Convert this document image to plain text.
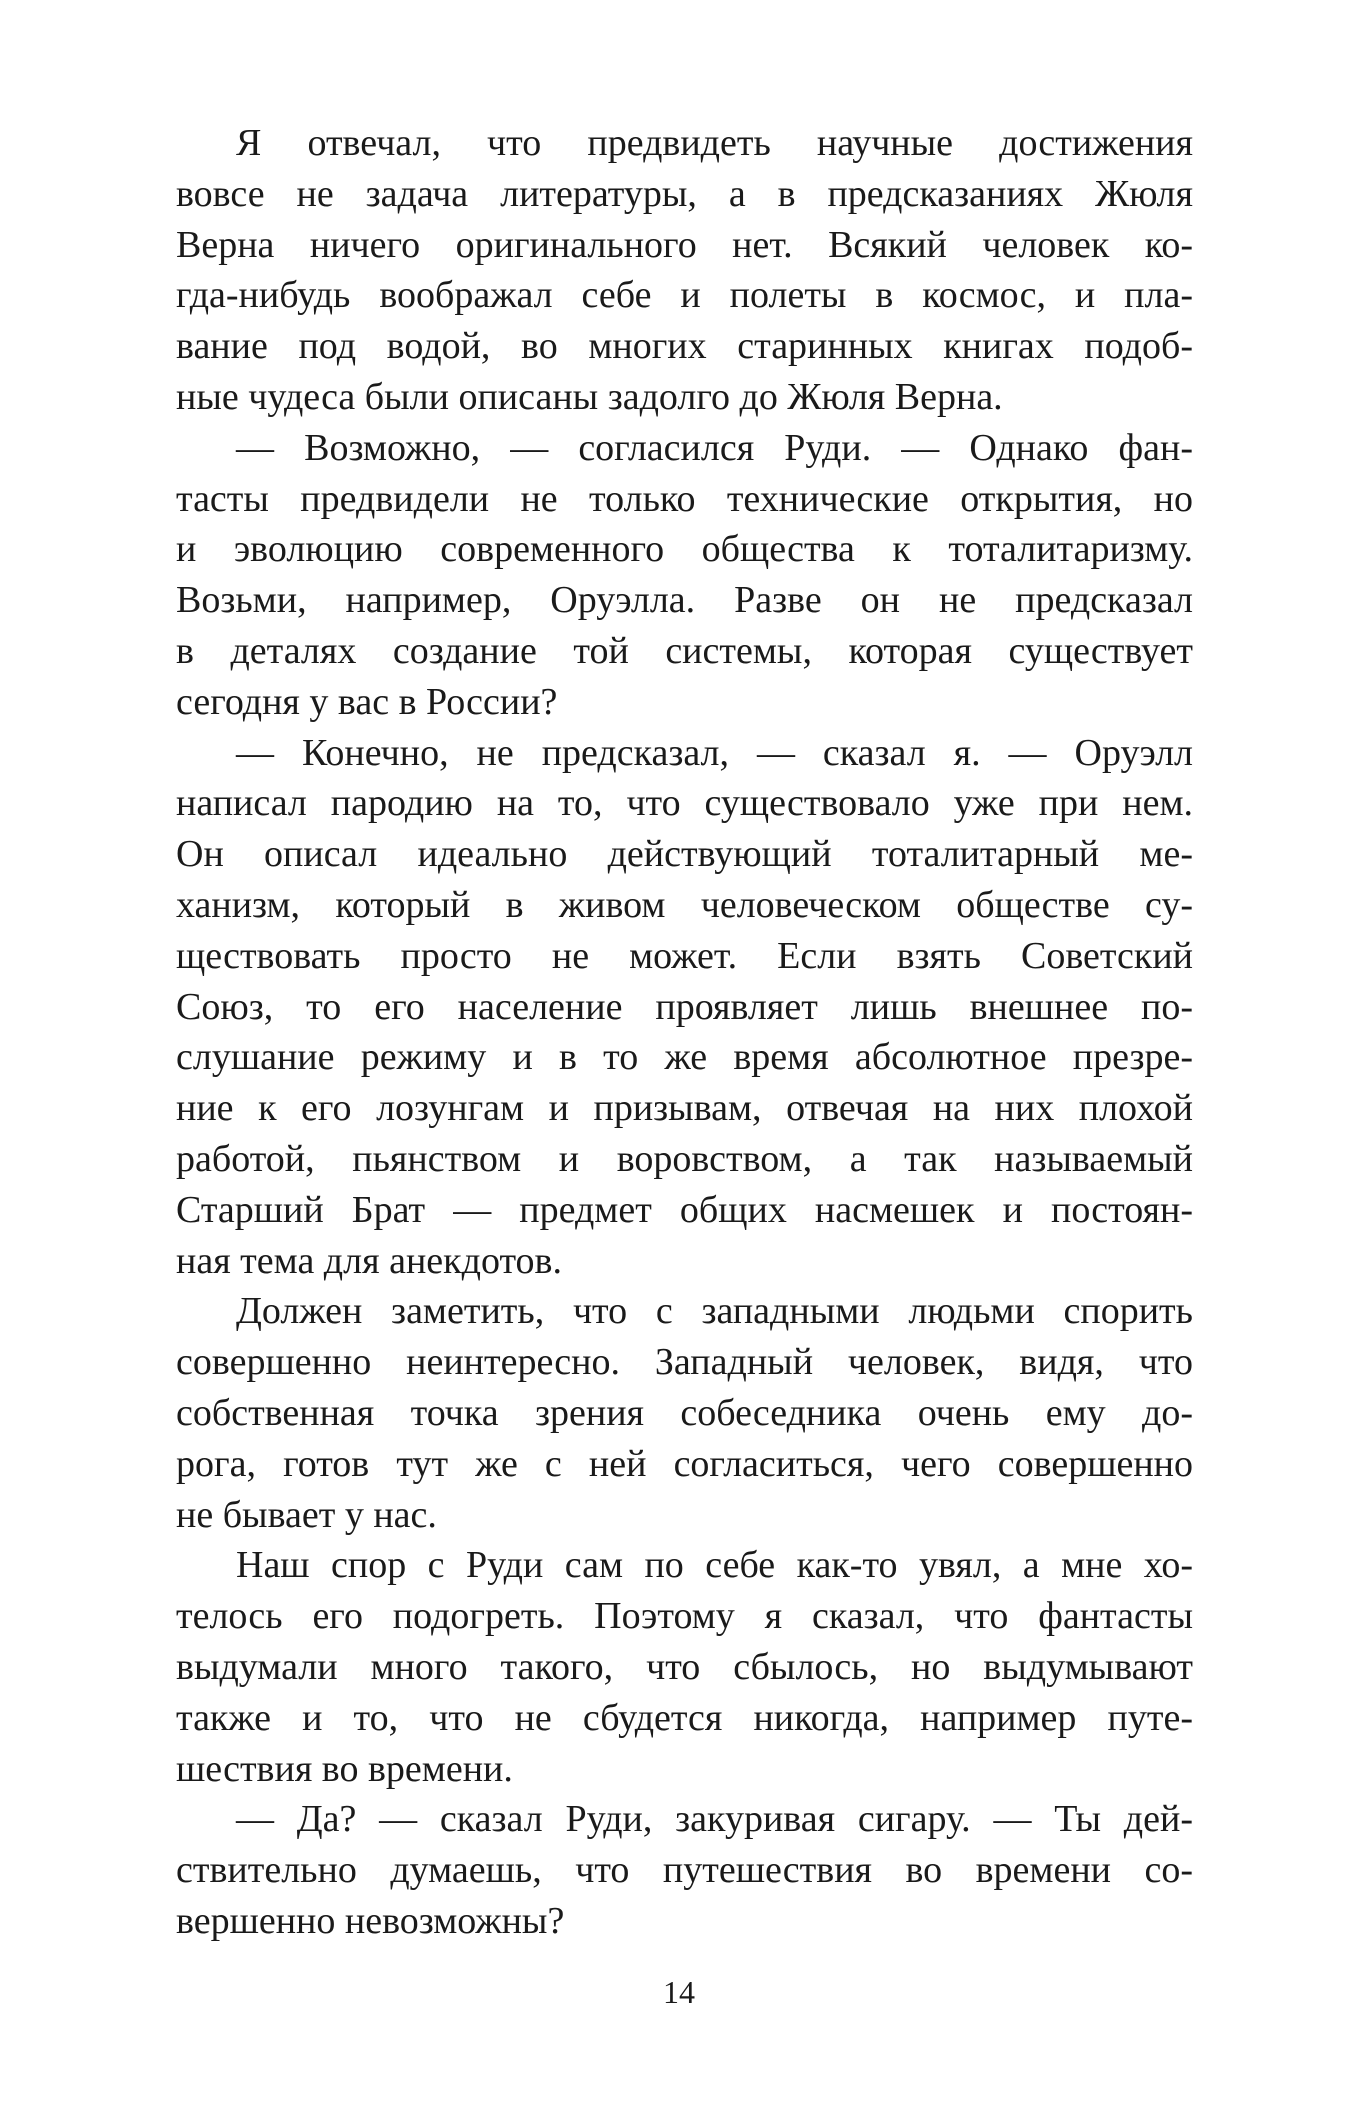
Я отвечал, что предвидеть научные достижения
вовсе не задача литературы, а в предсказаниях Жюля
Верна ничего оригинального нет. Всякий человек ко-
гда-нибудь воображал себе и полеты в космос, и пла-
вание под водой, во многих старинных книгах подоб-
ные чудеса были описаны задолго до Жюля Верна.
— Возможно, — согласился Руди. — Однако фан-
тасты предвидели не только технические открытия, но
и эволюцию современного общества к тоталитаризму.
Возьми, например, Оруэлла. Разве он не предсказал
в деталях создание той системы, которая существует
сегодня у вас в России?
— Конечно, не предсказал, — сказал я. — Оруэлл
написал пародию на то, что существовало уже при нем.
Он описал идеально действующий тоталитарный ме-
ханизм, который в живом человеческом обществе су-
ществовать просто не может. Если взять Советский
Союз, то его население проявляет лишь внешнее по-
слушание режиму и в то же время абсолютное презре-
ние к его лозунгам и призывам, отвечая на них плохой
работой, пьянством и воровством, а так называемый
Старший Брат — предмет общих насмешек и постоян-
ная тема для анекдотов.
Должен заметить, что с западными людьми спорить
совершенно неинтересно. Западный человек, видя, что
собственная точка зрения собеседника очень ему до-
рога, готов тут же с ней согласиться, чего совершенно
не бывает у нас.
Наш спор с Руди сам по себе как-то увял, а мне хо-
телось его подогреть. Поэтому я сказал, что фантасты
выдумали много такого, что сбылось, но выдумывают
также и то, что не сбудется никогда, например путе-
шествия во времени.
— Да? — сказал Руди, закуривая сигару. — Ты дей-
ствительно думаешь, что путешествия во времени со-
вершенно невозможны?
14
